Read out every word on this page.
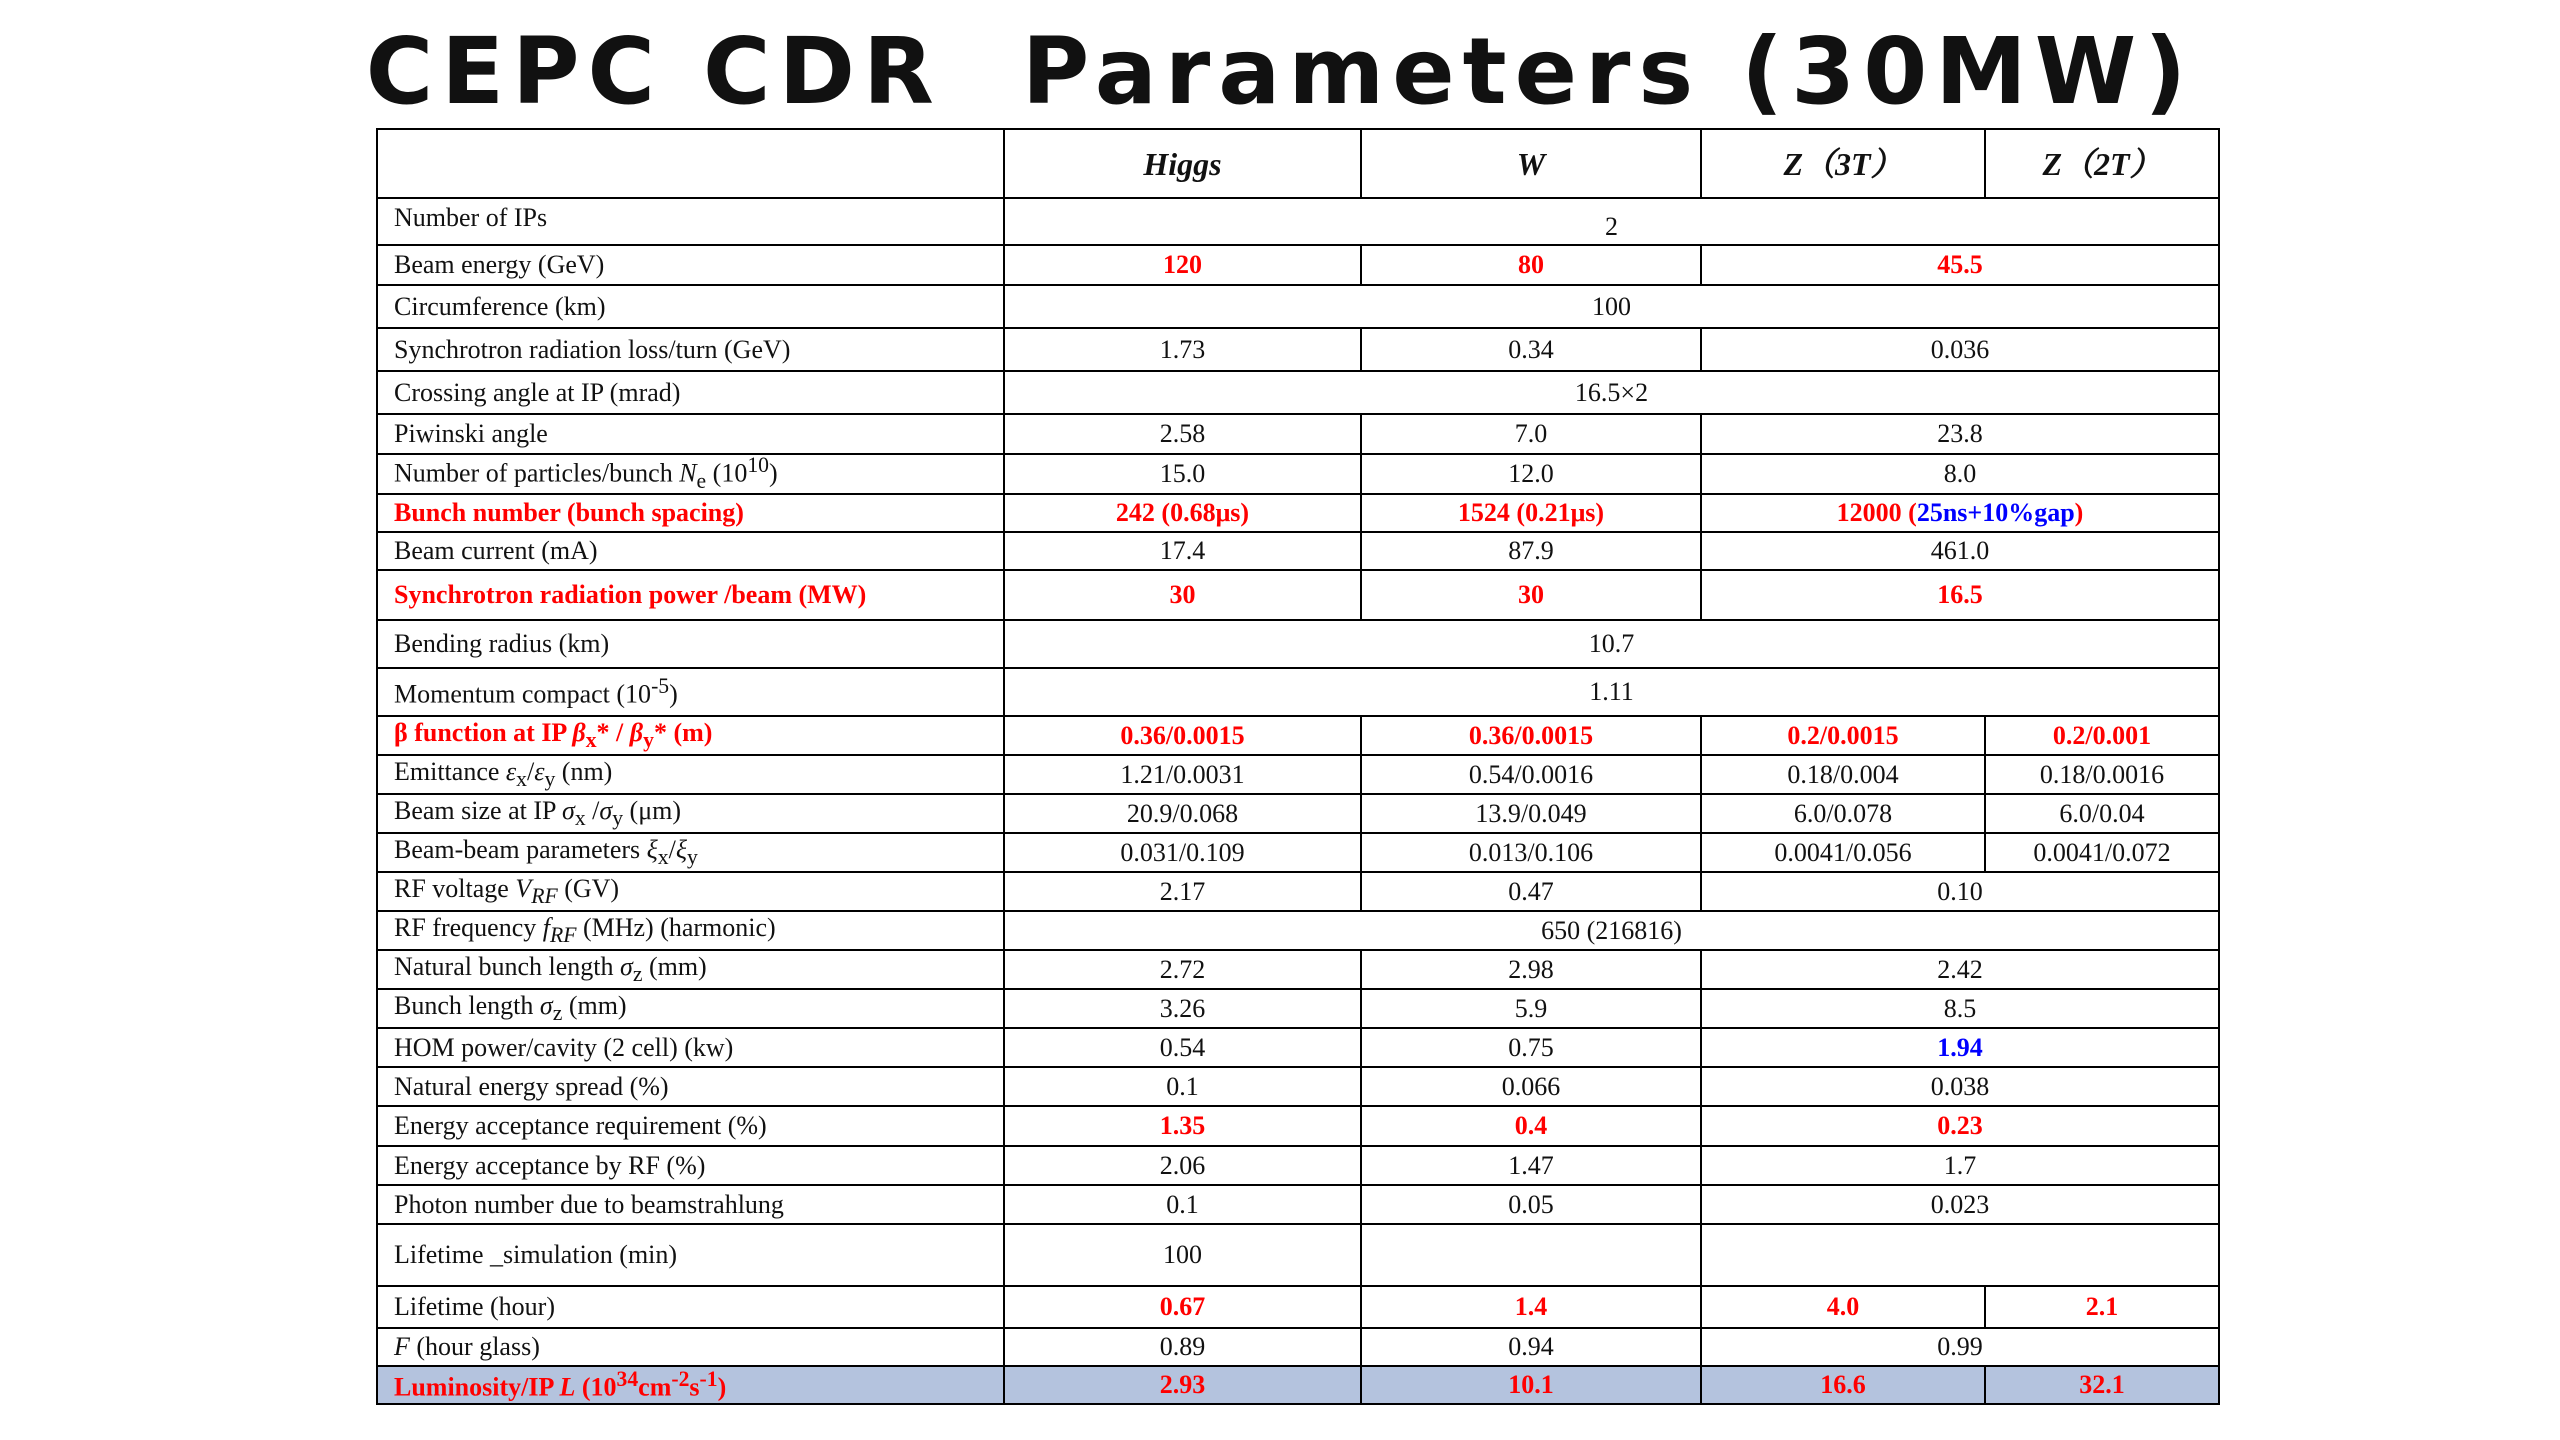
CEPC CDR  Parameters (30MW)
	Higgs	W	Z（3T）	Z（2T）
Number of IPs	2			
Beam energy (GeV)	120	80	45.5	
Circumference (km)	100			
Synchrotron radiation loss/turn (GeV)	1.73	0.34	0.036	
Crossing angle at IP (mrad)	16.5×2			
Piwinski angle	2.58	7.0	23.8	
Number of particles/bunch $N_e$ $(10^{10})$	15.0	12.0	8.0	
Bunch number (bunch spacing)	242 (0.68μs)	1524 (0.21μs)	12000 (25ns+10%gap)	
Beam current (mA)	17.4	87.9	461.0	
Synchrotron radiation power /beam (MW)	30	30	16.5	
Bending radius (km)	10.7			
Momentum compact $(10^{-5})$	1.11			
β function at IP $\beta_x* / \beta_y*$ (m)	0.36/0.0015	0.36/0.0015	0.2/0.0015	0.2/0.001
Emittance $\varepsilon_x/\varepsilon_y$ (nm)	1.21/0.0031	0.54/0.0016	0.18/0.004	0.18/0.0016
Beam size at IP $\sigma_x$ $/\sigma_y$ (μm)	20.9/0.068	13.9/0.049	6.0/0.078	6.0/0.04
Beam-beam parameters $\xi_x/\xi_y$	0.031/0.109	0.013/0.106	0.0041/0.056	0.0041/0.072
RF voltage $V_{RF}$ (GV)	2.17	0.47	0.10	
RF frequency $f_{RF}$ (MHz) (harmonic)	650 (216816)			
Natural bunch length $\sigma_z$ (mm)	2.72	2.98	2.42	
Bunch length $\sigma_z$ (mm)	3.26	5.9	8.5	
HOM power/cavity (2 cell) (kw)	0.54	0.75	1.94	
Natural energy spread (%)	0.1	0.066	0.038	
Energy acceptance requirement (%)	1.35	0.4	0.23	
Energy acceptance by RF (%)	2.06	1.47	1.7	
Photon number due to beamstrahlung	0.1	0.05	0.023	
Lifetime _simulation (min)	100			
Lifetime (hour)	0.67	1.4	4.0	2.1
F (hour glass)	0.89	0.94	0.99	
Luminosity/IP L $(10^{34}cm^{-2}s^{-1})$	2.93	10.1	16.6	32.1
